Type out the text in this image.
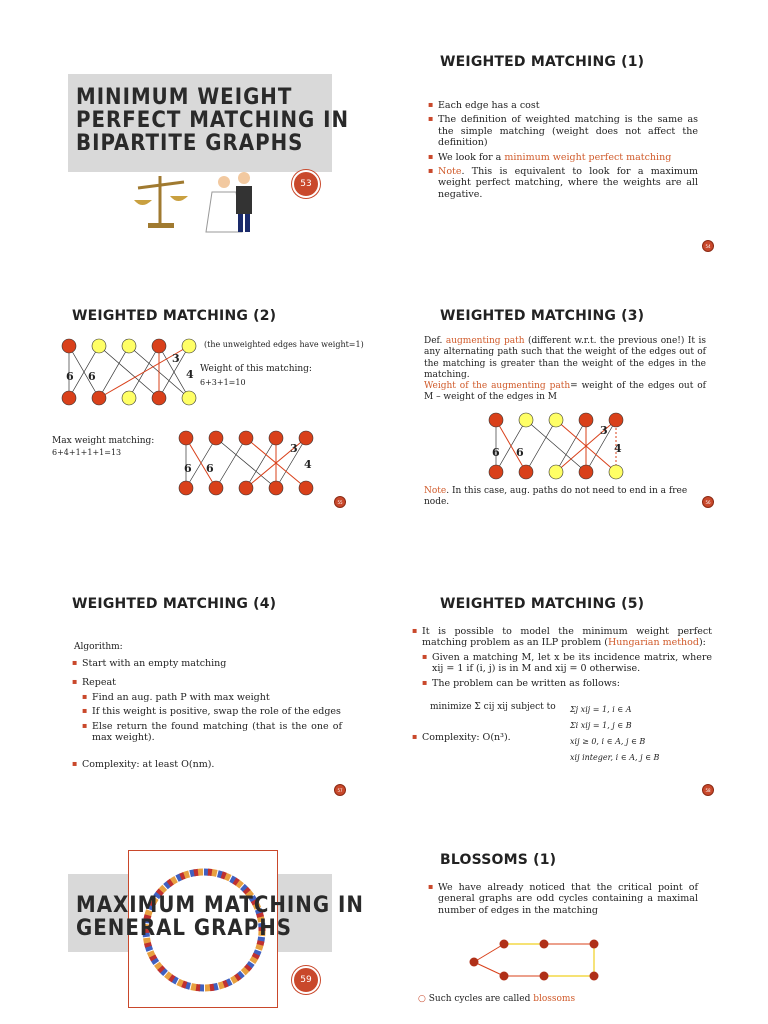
MINIMUM WEIGHT
PERFECT MATCHING IN
BIPARTITE GRAPHS
53
WEIGHTED MATCHING (1)
▪ Each edge has a cost
▪ The definition of weighted matching is the same as the simple matching (weight does not affect the definition)
▪ We look for a minimum weight perfect matching
▪ Note. This is equivalent to look for a maximum weight perfect matching, where the weights are all negative.
54
WEIGHTED MATCHING (2)
(the unweighted edges have weight=1)
6 6
3
4 Weight of this matching:
6+3+1=10
Max weight matching:
6+4+1+1+1=13
6 6
3
4
55
WEIGHTED MATCHING (3)
Def. augmenting path (different w.r.t. the previous one!) It is any alternating path such that the weight of the edges out of the matching is greater than the weight of the edges in the matching.
Weight of the augmenting path= weight of the edges out of M – weight of the edges in M
6 6
3
4
Note. In this case, aug. paths do not need to end in a free node.	56
WEIGHTED MATCHING (4)
Algorithm:
▪ Start with an empty matching
▪ Repeat
▪ Find an aug. path P with max weight
▪ If this weight is positive, swap the role of the edges
▪ Else return the found matching (that is the one of max weight).
▪ Complexity: at least O(nm).
57
WEIGHTED MATCHING (5)
▪ It is possible to model the minimum weight perfect matching problem as an ILP problem (Hungarian method):
▪ Given a matching M, let x be its incidence matrix, where xij = 1 if (i, j) is in M and xij = 0 otherwise.
▪ The problem can be written as follows:
minimize Σ cij xij subject to Σj xij = 1, i ∈ A
Σi xij = 1, j ∈ B
xij ≥ 0, i ∈ A, j ∈ B
xij integer, i ∈ A, j ∈ B
▪ Complexity: O(n³).
58
MAXIMUM MATCHING IN
GENERAL GRAPHS
59
BLOSSOMS (1)
▪ We have already noticed that the critical point of general graphs are odd cycles containing a maximal number of edges in the matching
○ Such cycles are called blossoms
